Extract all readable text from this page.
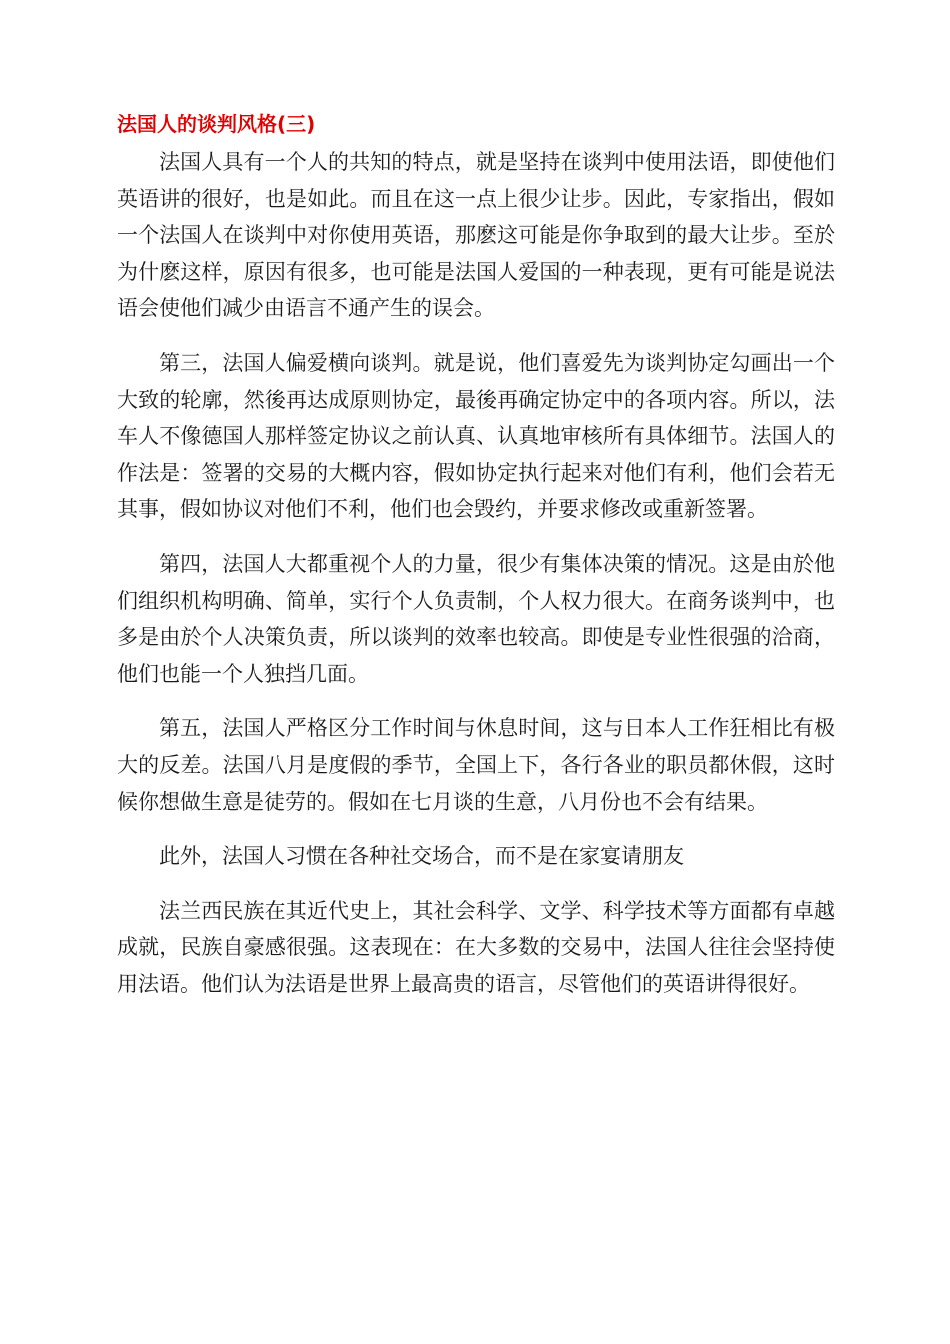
法国人的谈判风格(三)

法国人具有一个人的共知的特点，就是坚持在谈判中使用法语，即使他们英语讲的很好，也是如此。而且在这一点上很少让步。因此，专家指出，假如一个法国人在谈判中对你使用英语，那麽这可能是你争取到的最大让步。至於为什麽这样，原因有很多，也可能是法国人爱国的一种表现，更有可能是说法语会使他们减少由语言不通产生的误会。

第三，法国人偏爱横向谈判。就是说，他们喜爱先为谈判协定勾画出一个大致的轮廓，然後再达成原则协定，最後再确定协定中的各项内容。所以，法车人不像德国人那样签定协议之前认真、认真地审核所有具体细节。法国人的作法是：签署的交易的大概内容，假如协定执行起来对他们有利，他们会若无其事，假如协议对他们不利，他们也会毁约，并要求修改或重新签署。

第四，法国人大都重视个人的力量，很少有集体决策的情况。这是由於他们组织机构明确、简单，实行个人负责制，个人权力很大。在商务谈判中，也多是由於个人决策负责，所以谈判的效率也较高。即使是专业性很强的洽商，他们也能一个人独挡几面。

第五，法国人严格区分工作时间与休息时间，这与日本人工作狂相比有极大的反差。法国八月是度假的季节，全国上下，各行各业的职员都休假，这时候你想做生意是徒劳的。假如在七月谈的生意，八月份也不会有结果。

此外，法国人习惯在各种社交场合，而不是在家宴请朋友

法兰西民族在其近代史上，其社会科学、文学、科学技术等方面都有卓越成就，民族自豪感很强。这表现在：在大多数的交易中，法国人往往会坚持使用法语。他们认为法语是世界上最高贵的语言，尽管他们的英语讲得很好。
